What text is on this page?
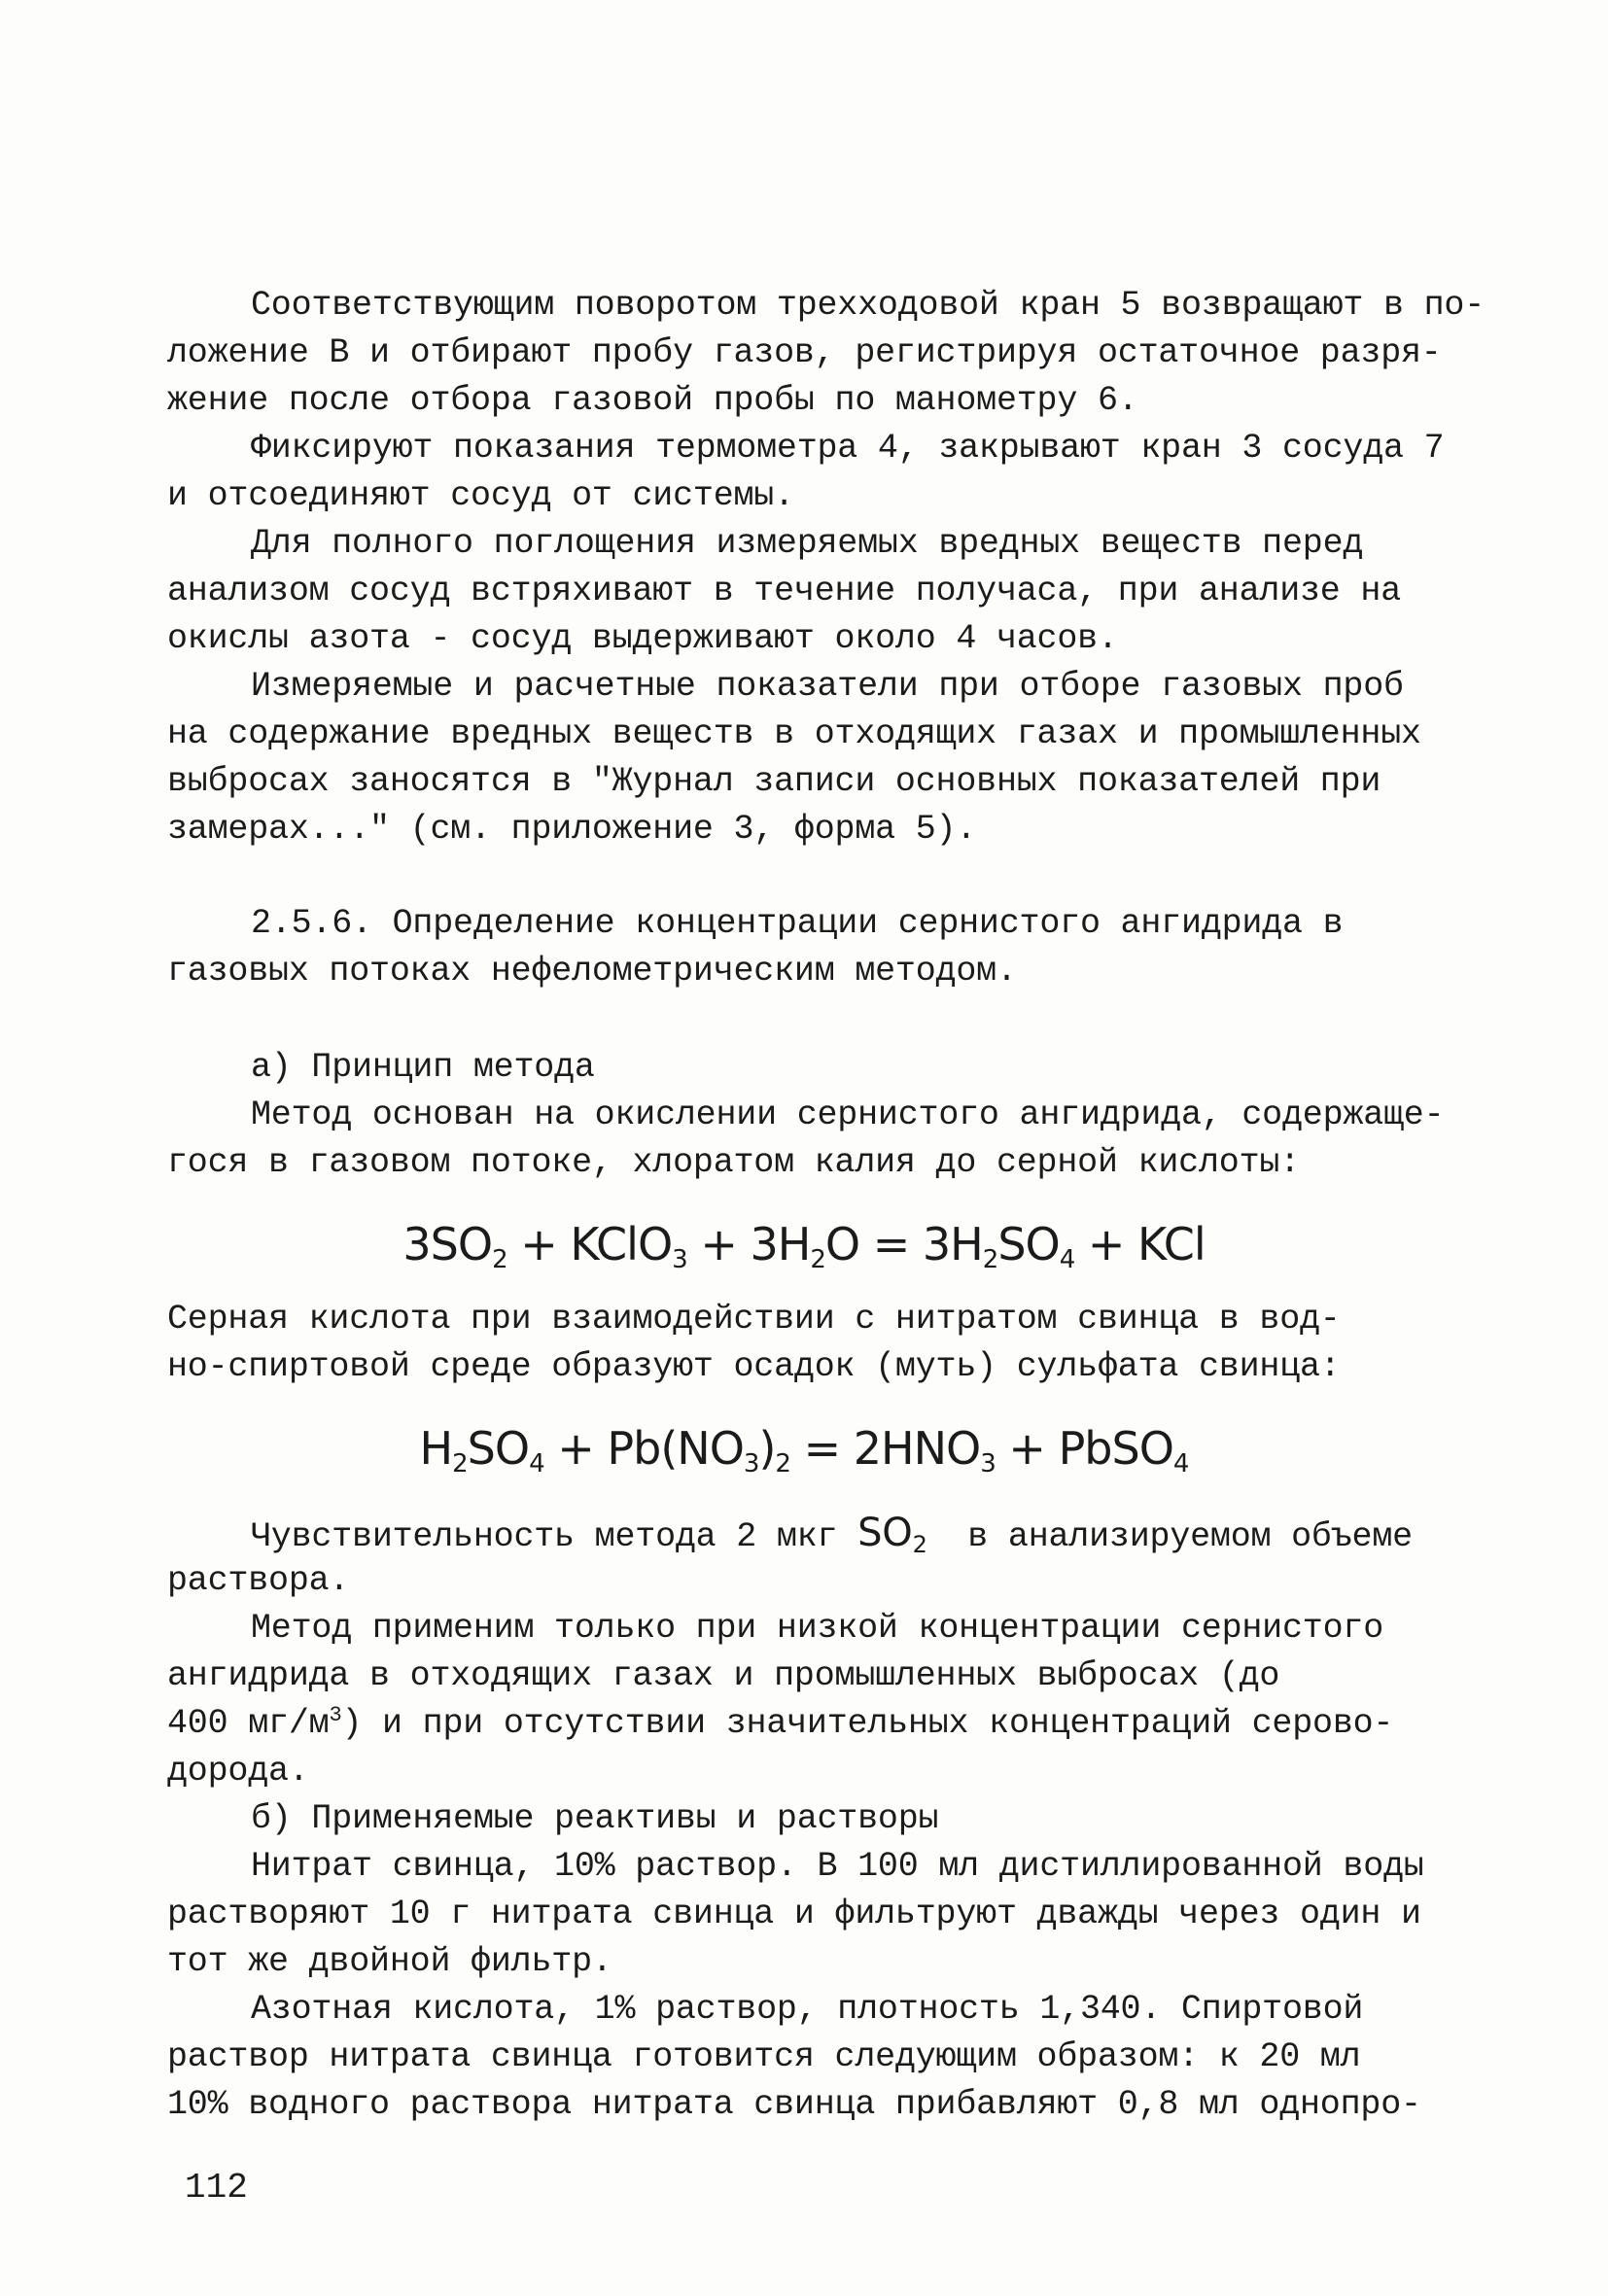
Соответствующим поворотом трехходовой кран 5 возвращают в по-
ложение В и отбирают пробу газов, регистрируя остаточное разря-
жение после отбора газовой пробы по манометру 6.
Фиксируют показания термометра 4, закрывают кран 3 сосуда 7
и отсоединяют сосуд от системы.
Для полного поглощения измеряемых вредных веществ перед
анализом сосуд встряхивают в течение получаса, при анализе на
окислы азота - сосуд выдерживают около 4 часов.
Измеряемые и расчетные показатели при отборе газовых проб
на содержание вредных веществ в отходящих газах и промышленных
выбросах заносятся в "Журнал записи основных показателей при
замерах..." (см. приложение 3, форма 5).
2.5.6. Определение концентрации сернистого ангидрида в
газовых потоках нефелометрическим методом.
а) Принцип метода
Метод основан на окислении сернистого ангидрида, содержаще-
гося в газовом потоке, хлоратом калия до серной кислоты:
$3SO_2$ + KClO$_3$ + $3H_2O = 3H_2SO_4$ + KCl
Серная кислота при взаимодействии с нитратом свинца в вод-
но-спиртовой среде образуют осадок (муть) сульфата свинца:
$H_2SO_4 + Pb(NO_3)_2 = 2HNO_3$ + PbSO$_4$
Чувствительность метода 2 мкг $SO_2$  в анализируемом объеме
раствора.
Метод применим только при низкой концентрации сернистого
ангидрида в отходящих газах и промышленных выбросах (до
400 $мг/м^3$) и при отсутствии значительных концентраций серово-
дорода.
б) Применяемые реактивы и растворы
Нитрат свинца, 10% раствор. В 100 мл дистиллированной воды
растворяют 10 г нитрата свинца и фильтруют дважды через один и
тот же двойной фильтр.
Азотная кислота, 1% раствор, плотность 1,340. Спиртовой
раствор нитрата свинца готовится следующим образом: к 20 мл
10% водного раствора нитрата свинца прибавляют 0,8 мл однопро-
112
